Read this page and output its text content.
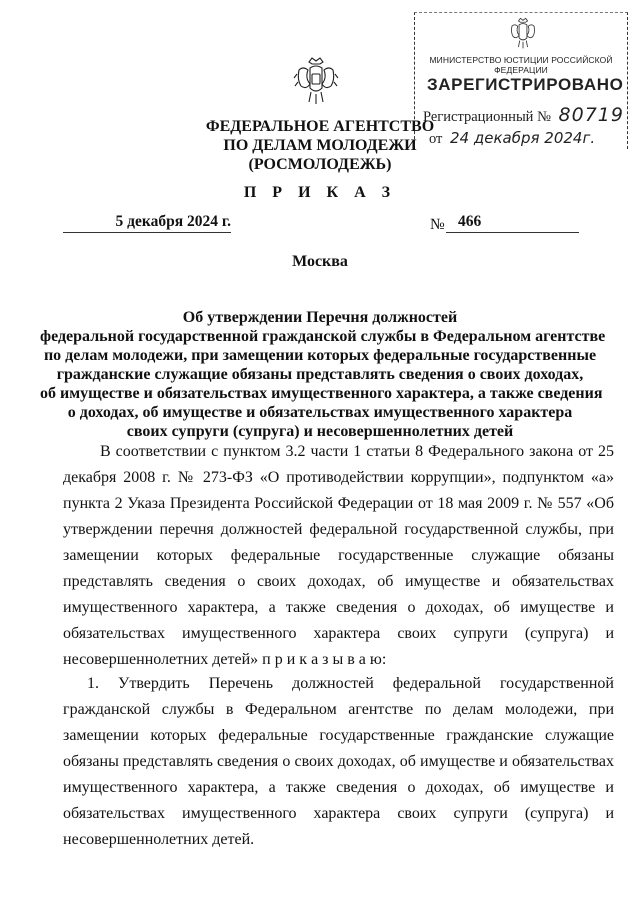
МИНИСТЕРСТВО ЮСТИЦИИ РОССИЙСКОЙ ФЕДЕРАЦИИ
ЗАРЕГИСТРИРОВАНО
Регистрационный № 80719
от 24 декабря 2024г.
ФЕДЕРАЛЬНОЕ АГЕНТСТВО
ПО ДЕЛАМ МОЛОДЕЖИ
(РОСМОЛОДЕЖЬ)
П Р И К А З
5 декабря 2024 г.	№ 466
Москва
Об утверждении Перечня должностей
федеральной государственной гражданской службы в Федеральном агентстве
по делам молодежи, при замещении которых федеральные государственные
гражданские служащие обязаны представлять сведения о своих доходах,
об имуществе и обязательствах имущественного характера, а также сведения
о доходах, об имуществе и обязательствах имущественного характера
своих супруги (супруга) и несовершеннолетних детей

В соответствии с пунктом 3.2 части 1 статьи 8 Федерального закона от 25 декабря 2008 г. № 273-ФЗ «О противодействии коррупции», подпунктом «а» пункта 2 Указа Президента Российской Федерации от 18 мая 2009 г. № 557 «Об утверждении перечня должностей федеральной государственной службы, при замещении которых федеральные государственные служащие обязаны представлять сведения о своих доходах, об имуществе и обязательствах имущественного характера, а также сведения о доходах, об имуществе и обязательствах имущественного характера своих супруги (супруга) и несовершеннолетних детей» п р и к а з ы в а ю:

1. Утвердить Перечень должностей федеральной государственной гражданской службы в Федеральном агентстве по делам молодежи, при замещении которых федеральные государственные гражданские служащие обязаны представлять сведения о своих доходах, об имуществе и обязательствах имущественного характера, а также сведения о доходах, об имуществе и обязательствах имущественного характера своих супруги (супруга) и несовершеннолетних детей.
